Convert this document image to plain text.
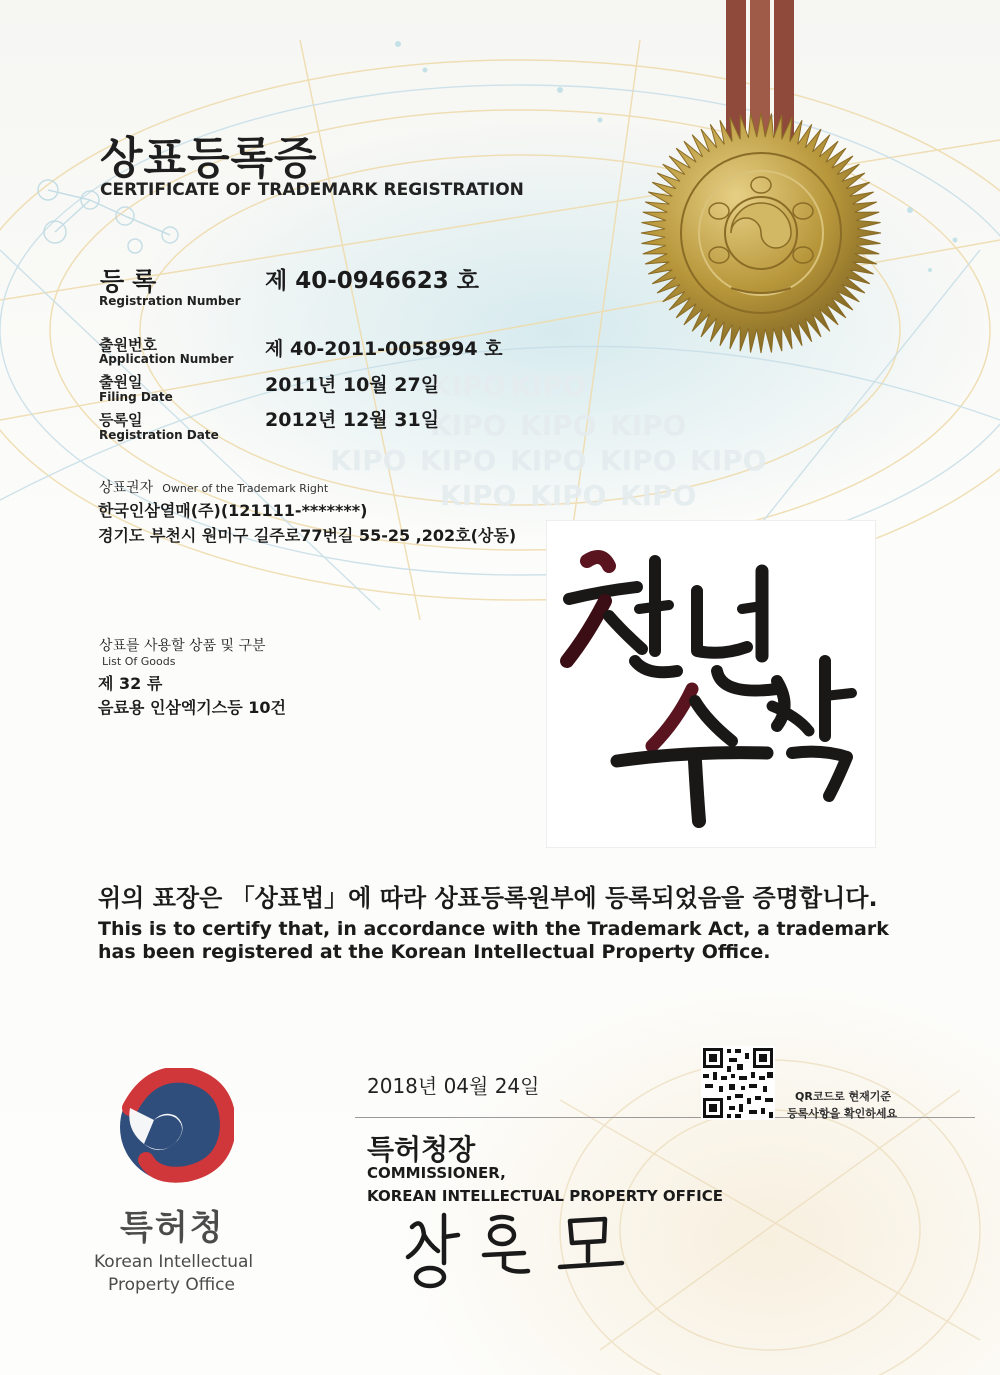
KIPO KIPO
KIPO KIPO KIPO
KIPO KIPO KIPO KIPO KIPO
KIPO KIPO KIPO
상표등록증
CERTIFICATE OF TRADEMARK REGISTRATION
등록
Registration Number
제 40-0946623 호
출원번호
Application Number 제 40-2011-0058994 호
출원일
Filing Date
2011년 10월 27일
등록일
Registration Date
2012년 12월 31일
상표권자 Owner of the Trademark Right
한국인삼열매(주)(121111-*******)
경기도 부천시 원미구 길주로77번길 55-25 ,202호(상동)
상표를 사용할 상품 및 구분
List Of Goods
제 32 류
음료용 인삼엑기스등 10건
위의 표장은 「상표법」에 따라 상표등록원부에 등록되었음을 증명합니다.
This is to certify that, in accordance with the Trademark Act, a trademark
has been registered at the Korean Intellectual Property Office.
2018년 04월 24일	QR코드로 현재기준
등록사항을 확인하세요
특허청장
COMMISSIONER,
KOREAN INTELLECTUAL PROPERTY OFFICE
특허청
Korean Intellectual
Property Office
